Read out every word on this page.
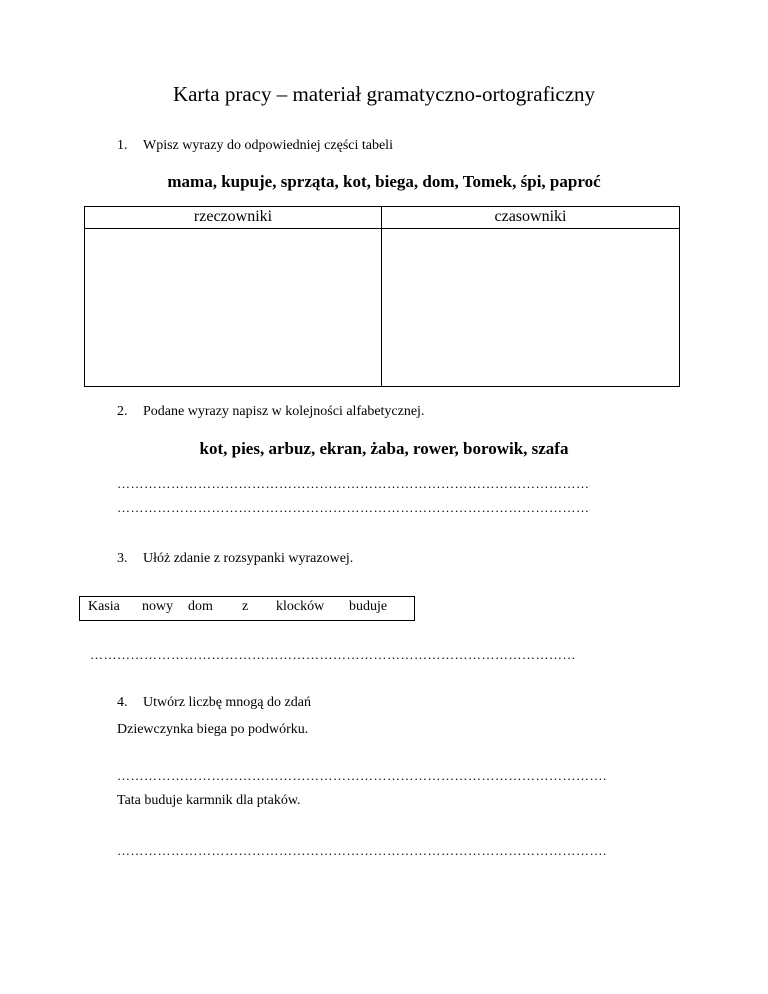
Karta pracy – materiał gramatyczno-ortograficzny
1. Wpisz wyrazy do odpowiedniej części tabeli
mama, kupuje, sprząta, kot, biega, dom, Tomek, śpi, paproć
rzeczowniki	czasowniki
2. Podane wyrazy napisz w kolejności alfabetycznej.
kot, pies, arbuz, ekran, żaba, rower, borowik, szafa
……………………………………………………………………………………………
……………………………………………………………………………………………
3. Ułóż zdanie z rozsypanki wyrazowej.
Kasia nowy dom z klocków buduje
………………………………………………………………………………………………
4. Utwórz liczbę mnogą do zdań
Dziewczynka biega po podwórku.
……………………………………………………………………………………………….
Tata buduje karmnik dla ptaków.
……………………………………………………………………………………………….
